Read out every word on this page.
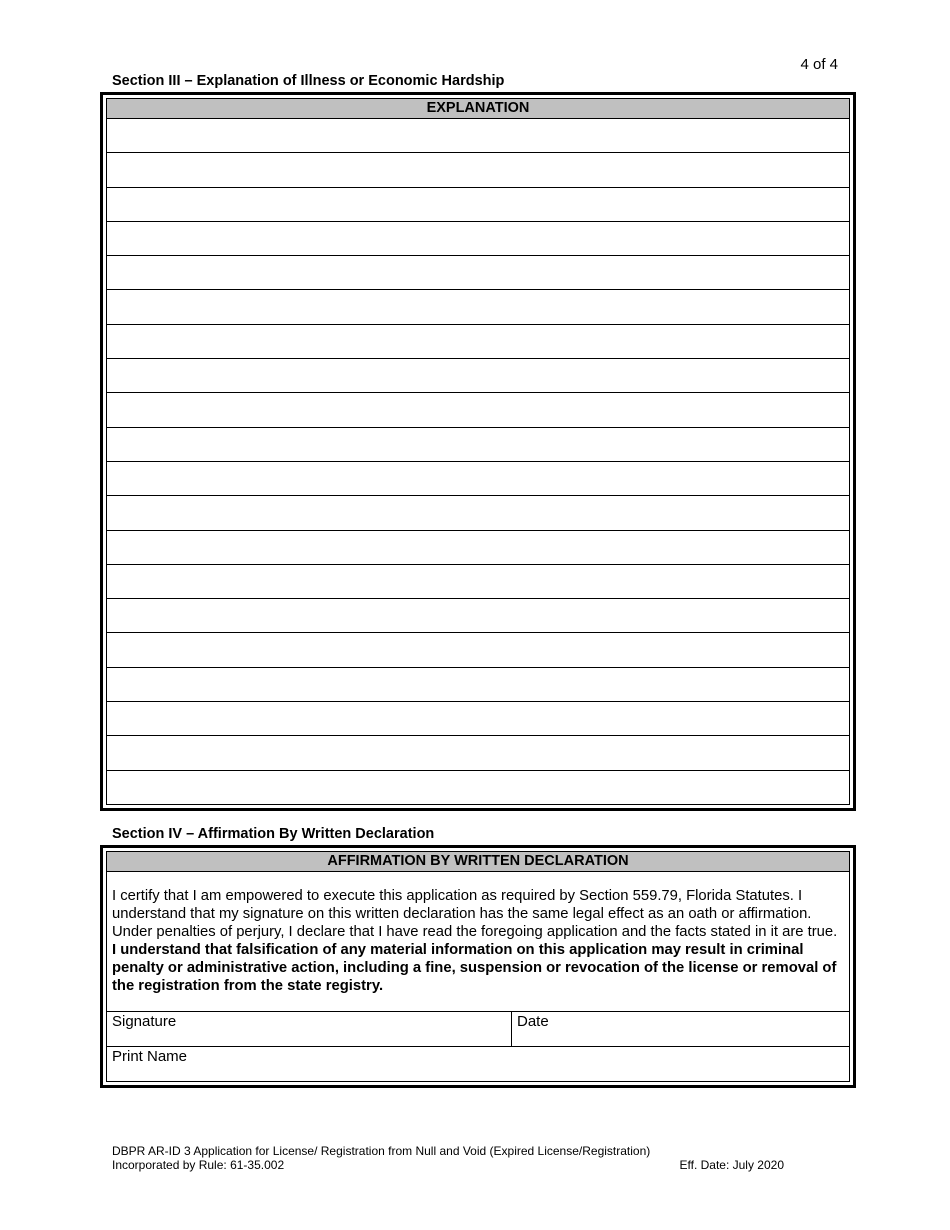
4 of 4
Section III – Explanation of Illness or Economic Hardship
EXPLANATION
Section IV – Affirmation By Written Declaration
AFFIRMATION BY WRITTEN DECLARATION
I certify that I am empowered to execute this application as required by Section 559.79, Florida Statutes. I understand that my signature on this written declaration has the same legal effect as an oath or affirmation. Under penalties of perjury, I declare that I have read the foregoing application and the facts stated in it are true. I understand that falsification of any material information on this application may result in criminal penalty or administrative action, including a fine, suspension or revocation of the license or removal of the registration from the state registry.
Signature	Date
Print Name
DBPR AR-ID 3 Application for License/ Registration from Null and Void (Expired License/Registration)
Incorporated by Rule: 61-35.002	Eff. Date: July 2020
